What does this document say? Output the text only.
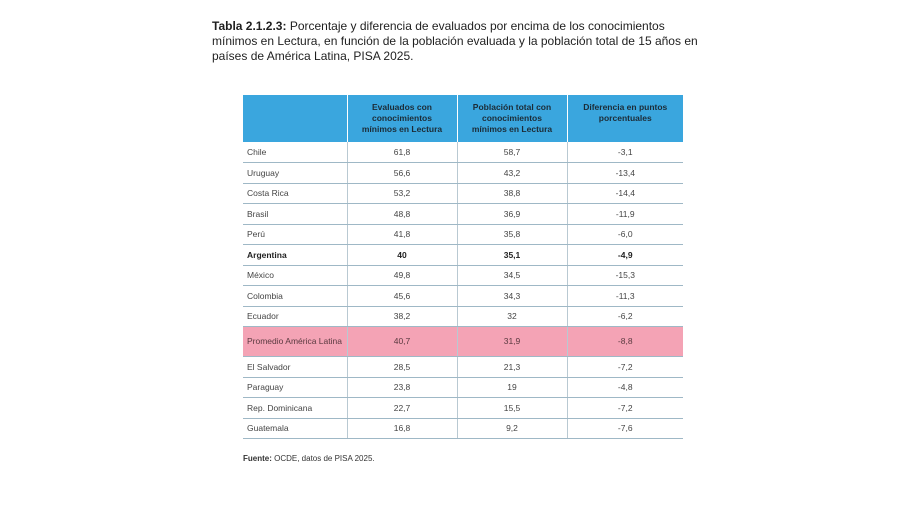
Tabla 2.1.2.3: Porcentaje y diferencia de evaluados por encima de los conocimientos mínimos en Lectura, en función de la población evaluada y la población total de 15 años en países de América Latina, PISA 2025.
	Evaluados con conocimientos mínimos en Lectura	Población total con conocimientos mínimos en Lectura	Diferencia en puntos porcentuales
Chile	61,8	58,7	-3,1
Uruguay	56,6	43,2	-13,4
Costa Rica	53,2	38,8	-14,4
Brasil	48,8	36,9	-11,9
Perú	41,8	35,8	-6,0
Argentina	40	35,1	-4,9
México	49,8	34,5	-15,3
Colombia	45,6	34,3	-11,3
Ecuador	38,2	32	-6,2
Promedio América Latina	40,7	31,9	-8,8
El Salvador	28,5	21,3	-7,2
Paraguay	23,8	19	-4,8
Rep. Dominicana	22,7	15,5	-7,2
Guatemala	16,8	9,2	-7,6
Fuente: OCDE, datos de PISA 2025.
